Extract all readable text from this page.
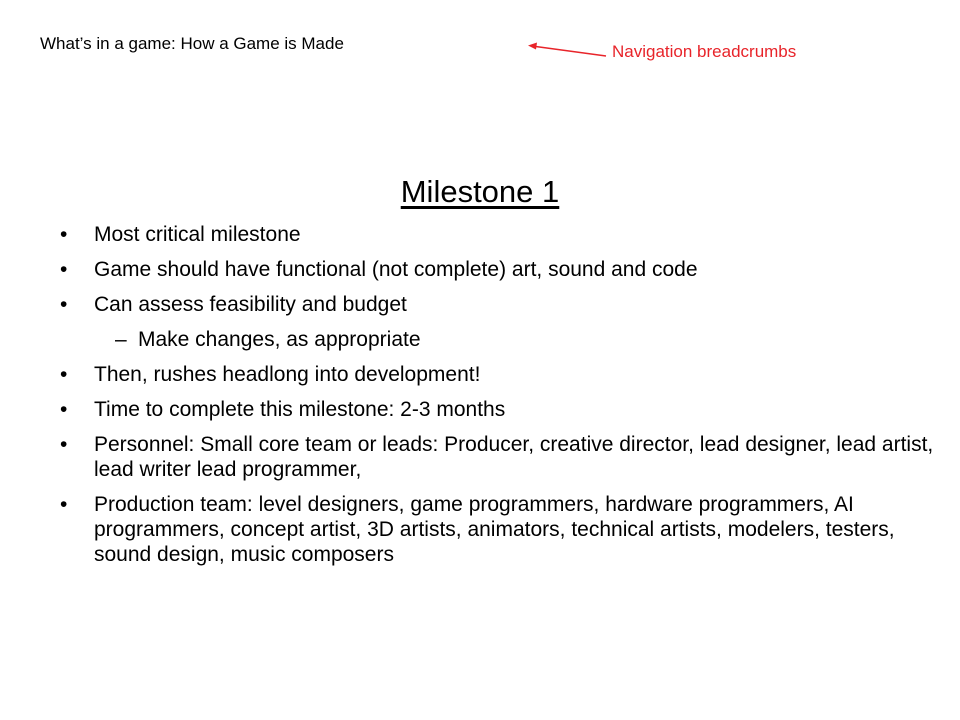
What’s in a game: How a Game is Made	Navigation breadcrumbs
Milestone 1
• Most critical milestone
• Game should have functional (not complete) art, sound and code
• Can assess feasibility and budget
– Make changes, as appropriate
• Then, rushes headlong into development!
• Time to complete this milestone: 2-3 months
• Personnel: Small core team or leads: Producer, creative director, lead designer, lead artist, lead writer lead programmer,
• Production team: level designers, game programmers, hardware programmers, AI programmers, concept artist, 3D artists, animators, technical artists, modelers, testers, sound design, music composers
